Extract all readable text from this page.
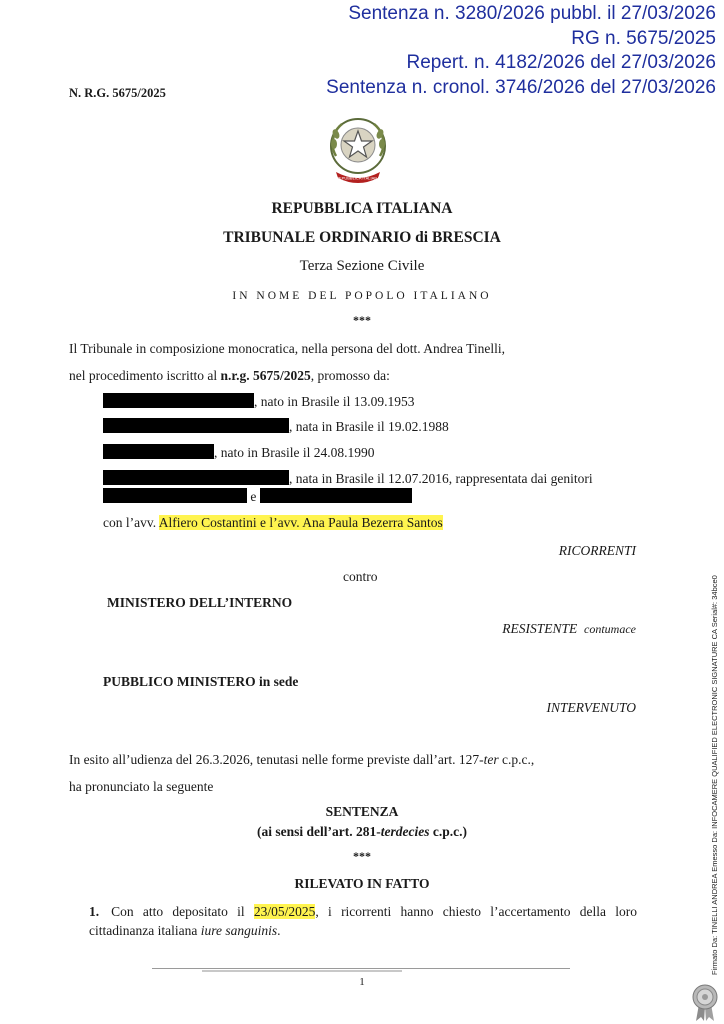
Sentenza n. 3280/2026 pubbl. il 27/03/2026
RG n. 5675/2025
Repert. n. 4182/2026 del 27/03/2026
Sentenza n. cronol. 3746/2026 del 27/03/2026
N. R.G. 5675/2025
REPUBBLICA ITALIANA
REPUBBLICA ITALIANA
TRIBUNALE ORDINARIO di BRESCIA
Terza Sezione Civile
IN NOME DEL POPOLO ITALIANO
***
Il Tribunale in composizione monocratica, nella persona del dott. Andrea Tinelli,
nel procedimento iscritto al n.r.g. 5675/2025, promosso da:
, nato in Brasile il 13.09.1953
, nata in Brasile il 19.02.1988
, nato in Brasile il 24.08.1990
, nata in Brasile il 12.07.2016, rappresentata dai genitori
e
con l’avv. Alfiero Costantini e l’avv. Ana Paula Bezerra Santos
RICORRENTI
contro
MINISTERO DELL’INTERNO
RESISTENTE contumace
PUBBLICO MINISTERO in sede
INTERVENUTO
In esito all’udienza del 26.3.2026, tenutasi nelle forme previste dall’art. 127-ter c.p.c.,
ha pronunciato la seguente
SENTENZA
(ai sensi dell’art. 281-terdecies c.p.c.)
***
RILEVATO IN FATTO
1. Con atto depositato il 23/05/2025, i ricorrenti hanno chiesto l’accertamento della loro cittadinanza italiana iure sanguinis.
1
Firmato Da: TINELLI ANDREA Emesso Da: INFOCAMERE QUALIFIED ELECTRONIC SIGNATURE CA Serial#: 34bce0
